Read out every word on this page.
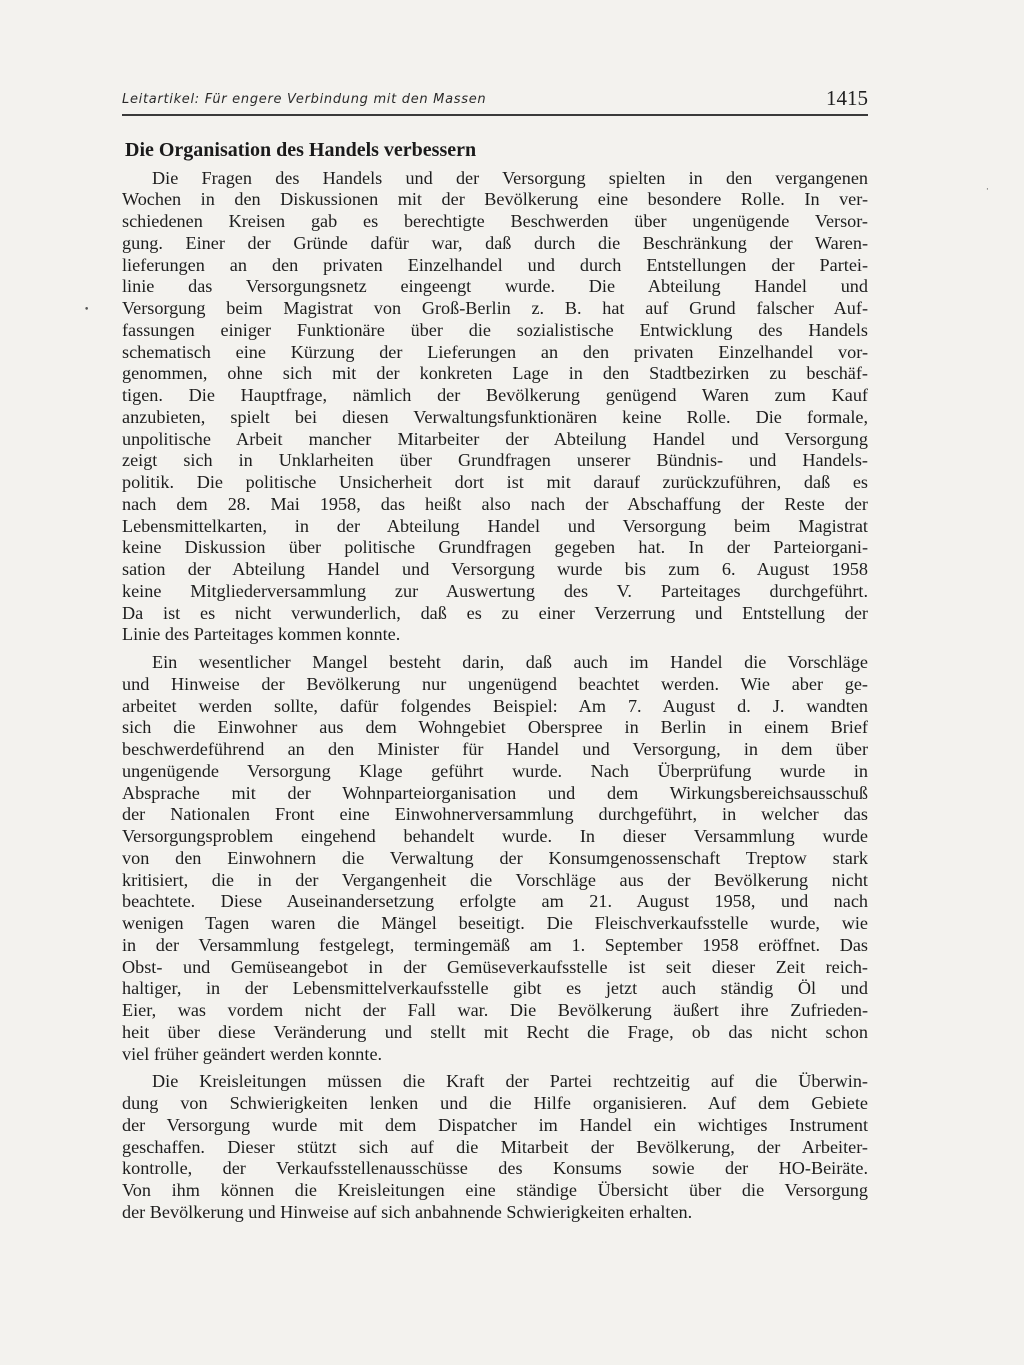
•
·
Leitartikel: Für engere Verbindung mit den Massen	1415
Die Organisation des Handels verbessern
Die Fragen des Handels und der Versorgung spielten in den vergangenen
Wochen in den Diskussionen mit der Bevölkerung eine besondere Rolle. In ver-
schiedenen Kreisen gab es berechtigte Beschwerden über ungenügende Versor-
gung. Einer der Gründe dafür war, daß durch die Beschränkung der Waren-
lieferungen an den privaten Einzelhandel und durch Entstellungen der Partei-
linie das Versorgungsnetz eingeengt wurde. Die Abteilung Handel und
Versorgung beim Magistrat von Groß-Berlin z. B. hat auf Grund falscher Auf-
fassungen einiger Funktionäre über die sozialistische Entwicklung des Handels
schematisch eine Kürzung der Lieferungen an den privaten Einzelhandel vor-
genommen, ohne sich mit der konkreten Lage in den Stadtbezirken zu beschäf-
tigen. Die Hauptfrage, nämlich der Bevölkerung genügend Waren zum Kauf
anzubieten, spielt bei diesen Verwaltungsfunktionären keine Rolle. Die formale,
unpolitische Arbeit mancher Mitarbeiter der Abteilung Handel und Versorgung
zeigt sich in Unklarheiten über Grundfragen unserer Bündnis- und Handels-
politik. Die politische Unsicherheit dort ist mit darauf zurückzuführen, daß es
nach dem 28. Mai 1958, das heißt also nach der Abschaffung der Reste der
Lebensmittelkarten, in der Abteilung Handel und Versorgung beim Magistrat
keine Diskussion über politische Grundfragen gegeben hat. In der Parteiorgani-
sation der Abteilung Handel und Versorgung wurde bis zum 6. August 1958
keine Mitgliederversammlung zur Auswertung des V. Parteitages durchgeführt.
Da ist es nicht verwunderlich, daß es zu einer Verzerrung und Entstellung der
Linie des Parteitages kommen konnte.
Ein wesentlicher Mangel besteht darin, daß auch im Handel die Vorschläge
und Hinweise der Bevölkerung nur ungenügend beachtet werden. Wie aber ge-
arbeitet werden sollte, dafür folgendes Beispiel: Am 7. August d. J. wandten
sich die Einwohner aus dem Wohngebiet Oberspree in Berlin in einem Brief
beschwerdeführend an den Minister für Handel und Versorgung, in dem über
ungenügende Versorgung Klage geführt wurde. Nach Überprüfung wurde in
Absprache mit der Wohnparteiorganisation und dem Wirkungsbereichsausschuß
der Nationalen Front eine Einwohnerversammlung durchgeführt, in welcher das
Versorgungsproblem eingehend behandelt wurde. In dieser Versammlung wurde
von den Einwohnern die Verwaltung der Konsumgenossenschaft Treptow stark
kritisiert, die in der Vergangenheit die Vorschläge aus der Bevölkerung nicht
beachtete. Diese Auseinandersetzung erfolgte am 21. August 1958, und nach
wenigen Tagen waren die Mängel beseitigt. Die Fleischverkaufsstelle wurde, wie
in der Versammlung festgelegt, termingemäß am 1. September 1958 eröffnet. Das
Obst- und Gemüseangebot in der Gemüseverkaufsstelle ist seit dieser Zeit reich-
haltiger, in der Lebensmittelverkaufsstelle gibt es jetzt auch ständig Öl und
Eier, was vordem nicht der Fall war. Die Bevölkerung äußert ihre Zufrieden-
heit über diese Veränderung und stellt mit Recht die Frage, ob das nicht schon
viel früher geändert werden konnte.
Die Kreisleitungen müssen die Kraft der Partei rechtzeitig auf die Überwin-
dung von Schwierigkeiten lenken und die Hilfe organisieren. Auf dem Gebiete
der Versorgung wurde mit dem Dispatcher im Handel ein wichtiges Instrument
geschaffen. Dieser stützt sich auf die Mitarbeit der Bevölkerung, der Arbeiter-
kontrolle, der Verkaufsstellenausschüsse des Konsums sowie der HO-Beiräte.
Von ihm können die Kreisleitungen eine ständige Übersicht über die Versorgung
der Bevölkerung und Hinweise auf sich anbahnende Schwierigkeiten erhalten.
